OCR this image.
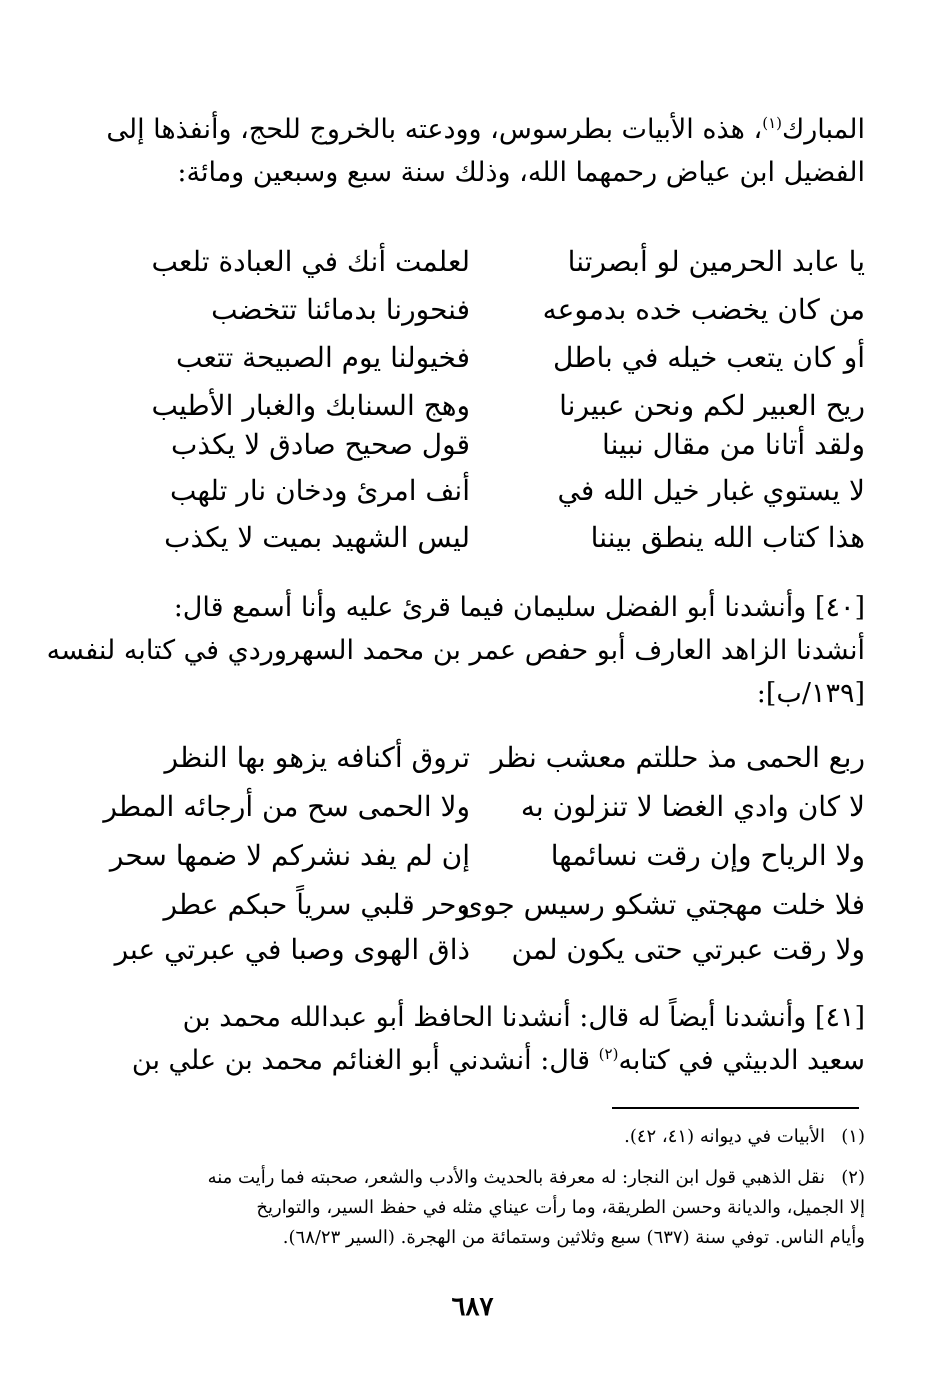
المبارك$^{(١)}$، هذه الأبيات بطرسوس، وودعته بالخروج للحج، وأنفذها إلى
الفضيل ابن عياض رحمهما الله، وذلك سنة سبع وسبعين ومائة:
يا عابد الحرمين لو أبصرتنا
لعلمت أنك في العبادة تلعب
من كان يخضب خده بدموعه
فنحورنا بدمائنا تتخضب
أو كان يتعب خيله في باطل
فخيولنا يوم الصبيحة تتعب
ريح العبير لكم ونحن عبيرنا
وهج السنابك والغبار الأطيب
ولقد أتانا من مقال نبينا
قول صحيح صادق لا يكذب
لا يستوي غبار خيل الله في
أنف امرئ ودخان نار تلهب
هذا كتاب الله ينطق بيننا
ليس الشهيد بميت لا يكذب
[٤٠] وأنشدنا أبو الفضل سليمان فيما قرئ عليه وأنا أسمع قال:
أنشدنا الزاهد العارف أبو حفص عمر بن محمد السهروردي في كتابه لنفسه
[١٣٩/ب]:
ربع الحمى مذ حللتم معشب نظر
تروق أكنافه يزهو بها النظر
لا كان وادي الغضا لا تنزلون به
ولا الحمى سح من أرجائه المطر
ولا الرياح وإن رقت نسائمها
إن لم يفد نشركم لا ضمها سحر
فلا خلت مهجتي تشكو رسيس جوى
وحر قلبي سرياً حبكم عطر
ولا رقت عبرتي حتى يكون لمن
ذاق الهوى وصبا في عبرتي عبر
[٤١] وأنشدنا أيضاً له قال: أنشدنا الحافظ أبو عبدالله محمد بن
سعيد الدبيثي في كتابه$^{(٢)}$ قال: أنشدني أبو الغنائم محمد بن علي بن
(١)الأبيات في ديوانه (٤١، ٤٢).
(٢)نقل الذهبي قول ابن النجار: له معرفة بالحديث والأدب والشعر، صحبته فما رأيت منه
إلا الجميل، والديانة وحسن الطريقة، وما رأت عيناي مثله في حفظ السير، والتواريخ
وأيام الناس. توفي سنة (٦٣٧) سبع وثلاثين وستمائة من الهجرة. (السير ٦٨/٢٣).
٦٨٧
